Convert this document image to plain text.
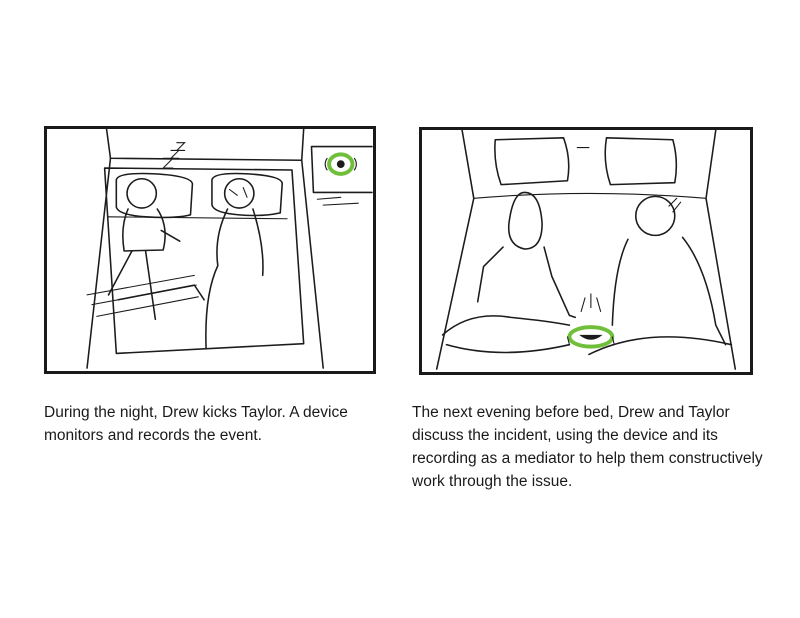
During the night, Drew kicks Taylor. A device monitors and records the event.

The next evening before bed, Drew and Taylor discuss the incident, using the device and its recording as a mediator to help them constructively work through the issue.
